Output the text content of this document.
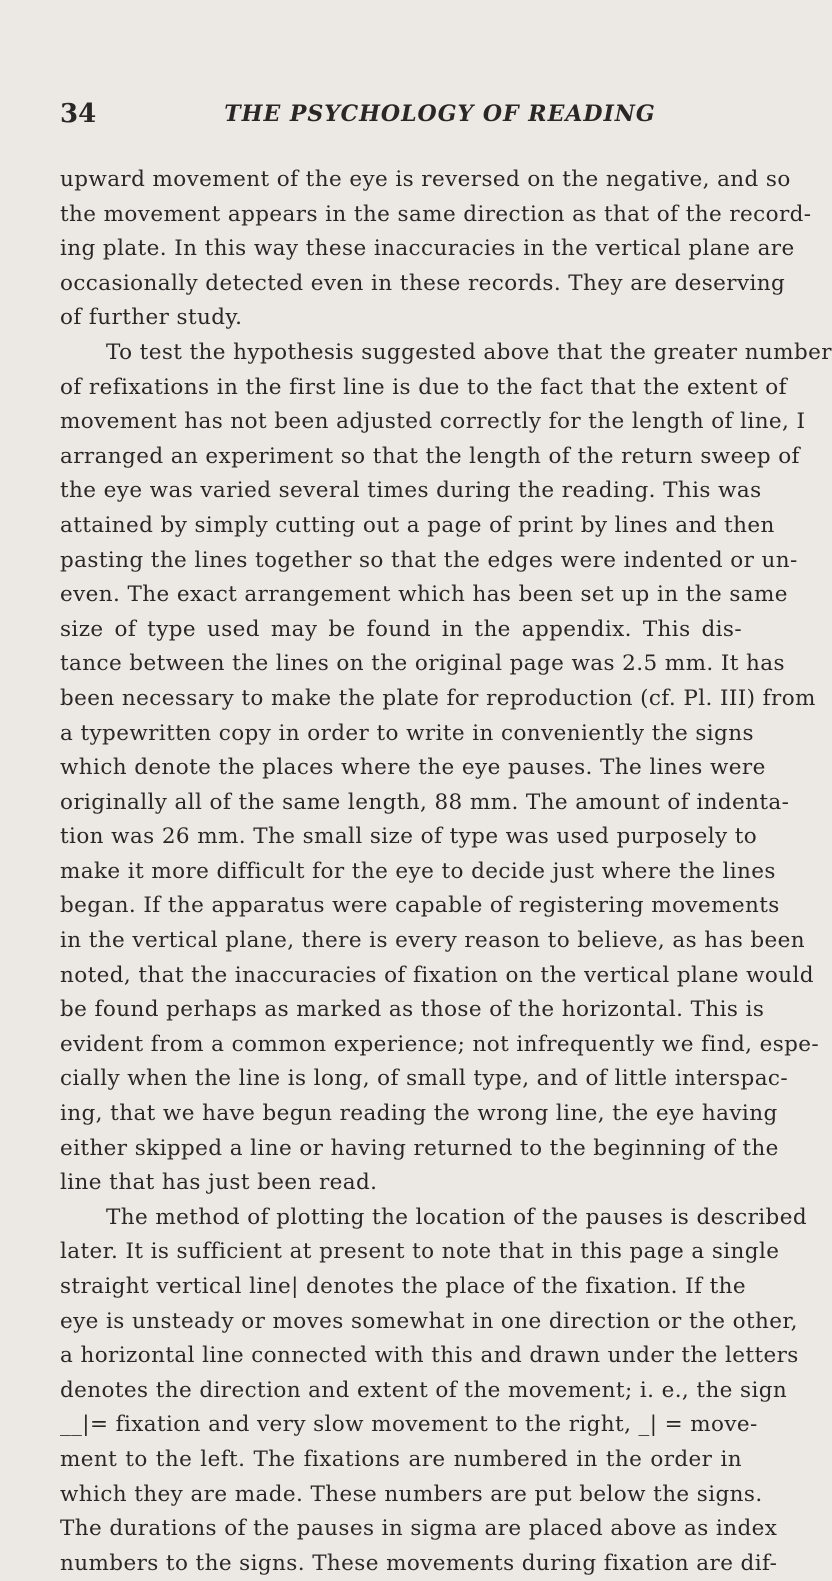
34	THE PSYCHOLOGY OF READING
upward movement of the eye is reversed on the negative, and so
the movement appears in the same direction as that of the record-
ing plate. In this way these inaccuracies in the vertical plane are
occasionally detected even in these records. They are deserving
of further study.
To test the hypothesis suggested above that the greater number
of refixations in the first line is due to the fact that the extent of
movement has not been adjusted correctly for the length of line, I
arranged an experiment so that the length of the return sweep of
the eye was varied several times during the reading. This was
attained by simply cutting out a page of print by lines and then
pasting the lines together so that the edges were indented or un-
even. The exact arrangement which has been set up in the same
size of type used may be found in the appendix. This dis-
tance between the lines on the original page was 2.5 mm. It has
been necessary to make the plate for reproduction (cf. Pl. III) from
a typewritten copy in order to write in conveniently the signs
which denote the places where the eye pauses. The lines were
originally all of the same length, 88 mm. The amount of indenta-
tion was 26 mm. The small size of type was used purposely to
make it more difficult for the eye to decide just where the lines
began. If the apparatus were capable of registering movements
in the vertical plane, there is every reason to believe, as has been
noted, that the inaccuracies of fixation on the vertical plane would
be found perhaps as marked as those of the horizontal. This is
evident from a common experience; not infrequently we find, espe-
cially when the line is long, of small type, and of little interspac-
ing, that we have begun reading the wrong line, the eye having
either skipped a line or having returned to the beginning of the
line that has just been read.
The method of plotting the location of the pauses is described
later. It is sufficient at present to note that in this page a single
straight vertical line| denotes the place of the fixation. If the
eye is unsteady or moves somewhat in one direction or the other,
a horizontal line connected with this and drawn under the letters
denotes the direction and extent of the movement; i. e., the sign
__|= fixation and very slow movement to the right, _| = move-
ment to the left. The fixations are numbered in the order in
which they are made. These numbers are put below the signs.
The durations of the pauses in sigma are placed above as index
numbers to the signs. These movements during fixation are dif-
